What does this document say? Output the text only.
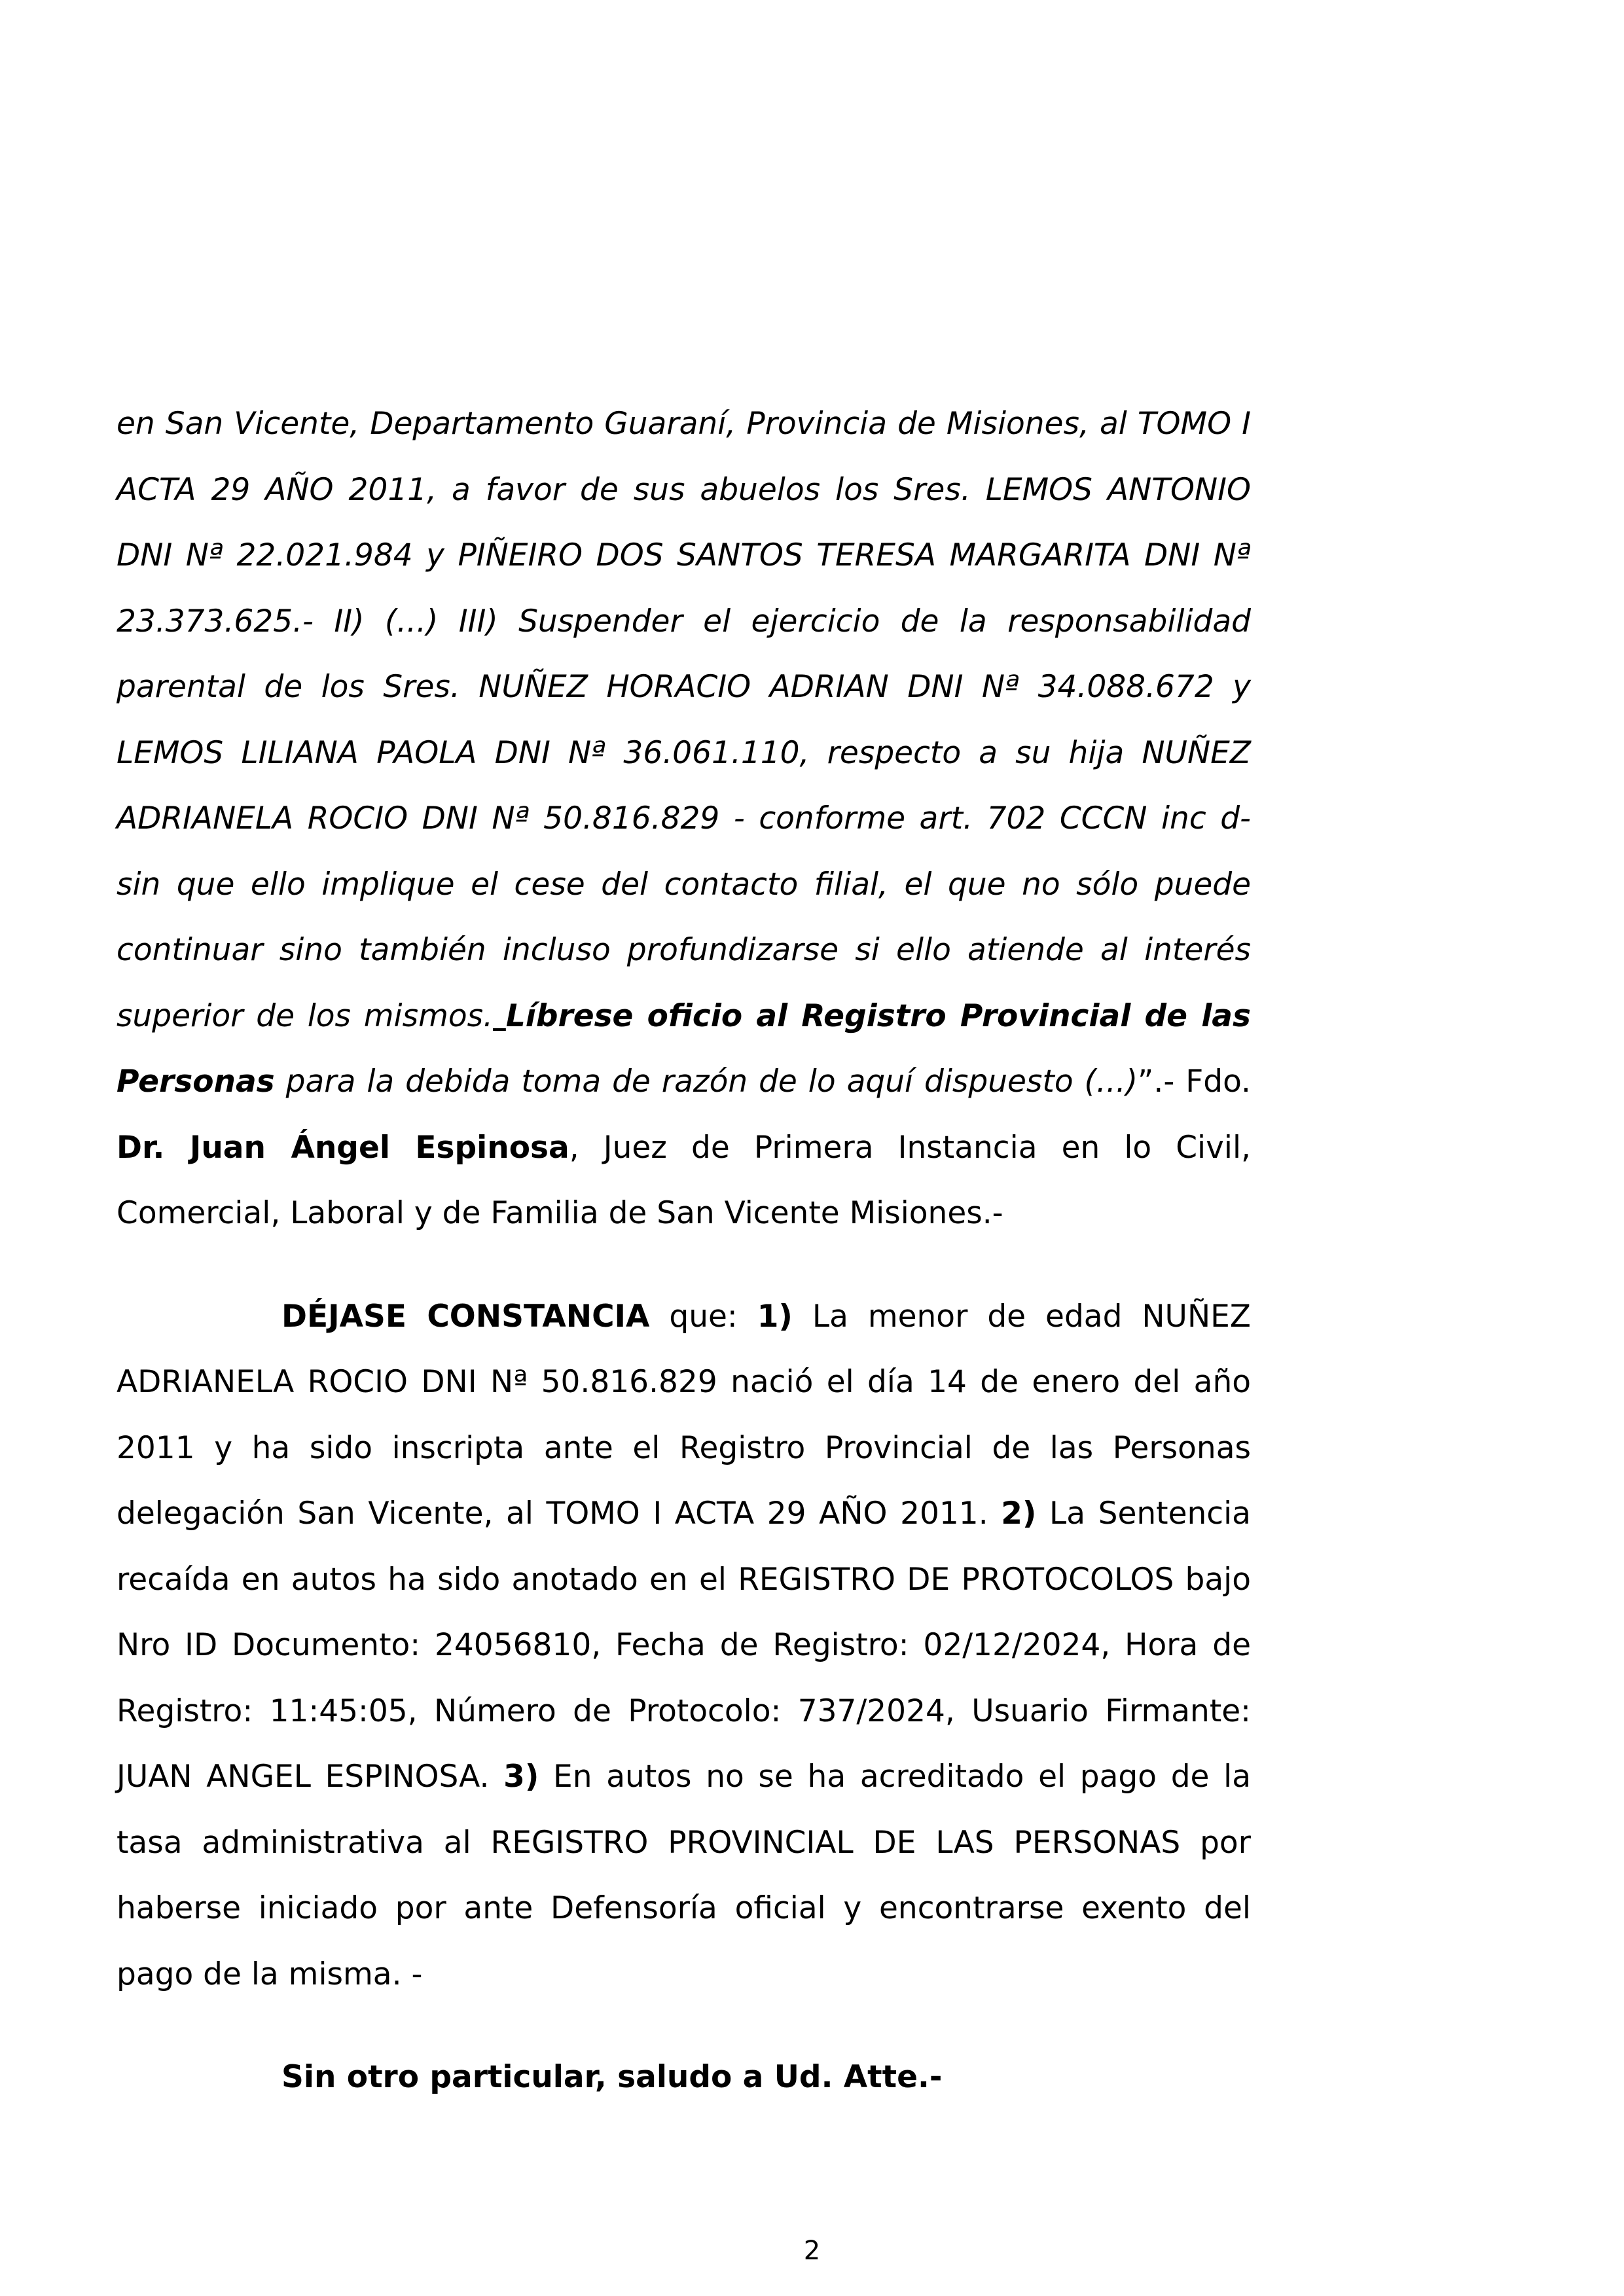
en San Vicente, Departamento Guaraní, Provincia de Misiones, al TOMO I ACTA 29 AÑO 2011, a favor de sus abuelos los Sres. LEMOS ANTONIO DNI Nª 22.021.984 y PIÑEIRO DOS SANTOS TERESA MARGARITA DNI Nª 23.373.625.- II) (...) III) Suspender el ejercicio de la responsabilidad parental de los Sres. NUÑEZ HORACIO ADRIAN DNI Nª 34.088.672 y LEMOS LILIANA PAOLA DNI Nª 36.061.110, respecto a su hija NUÑEZ ADRIANELA ROCIO DNI Nª 50.816.829 - conforme art. 702 CCCN inc d- sin que ello implique el cese del contacto filial, el que no sólo puede continuar sino también incluso profundizarse si ello atiende al interés superior de los mismos. Líbrese oficio al Registro Provincial de las Personas para la debida toma de razón de lo aquí dispuesto (...)”.- Fdo. Dr. Juan Ángel Espinosa, Juez de Primera Instancia en lo Civil, Comercial, Laboral y de Familia de San Vicente Misiones.-

DÉJASE CONSTANCIA que: 1) La menor de edad NUÑEZ ADRIANELA ROCIO DNI Nª 50.816.829 nació el día 14 de enero del año 2011 y ha sido inscripta ante el Registro Provincial de las Personas delegación San Vicente, al TOMO I ACTA 29 AÑO 2011. 2) La Sentencia recaída en autos ha sido anotado en el REGISTRO DE PROTOCOLOS bajo Nro ID Documento: 24056810, Fecha de Registro: 02/12/2024, Hora de Registro: 11:45:05, Número de Protocolo: 737/2024, Usuario Firmante: JUAN ANGEL ESPINOSA. 3) En autos no se ha acreditado el pago de la tasa administrativa al REGISTRO PROVINCIAL DE LAS PERSONAS por haberse iniciado por ante Defensoría oficial y encontrarse exento del pago de la misma. -

Sin otro particular, saludo a Ud. Atte.-

2
